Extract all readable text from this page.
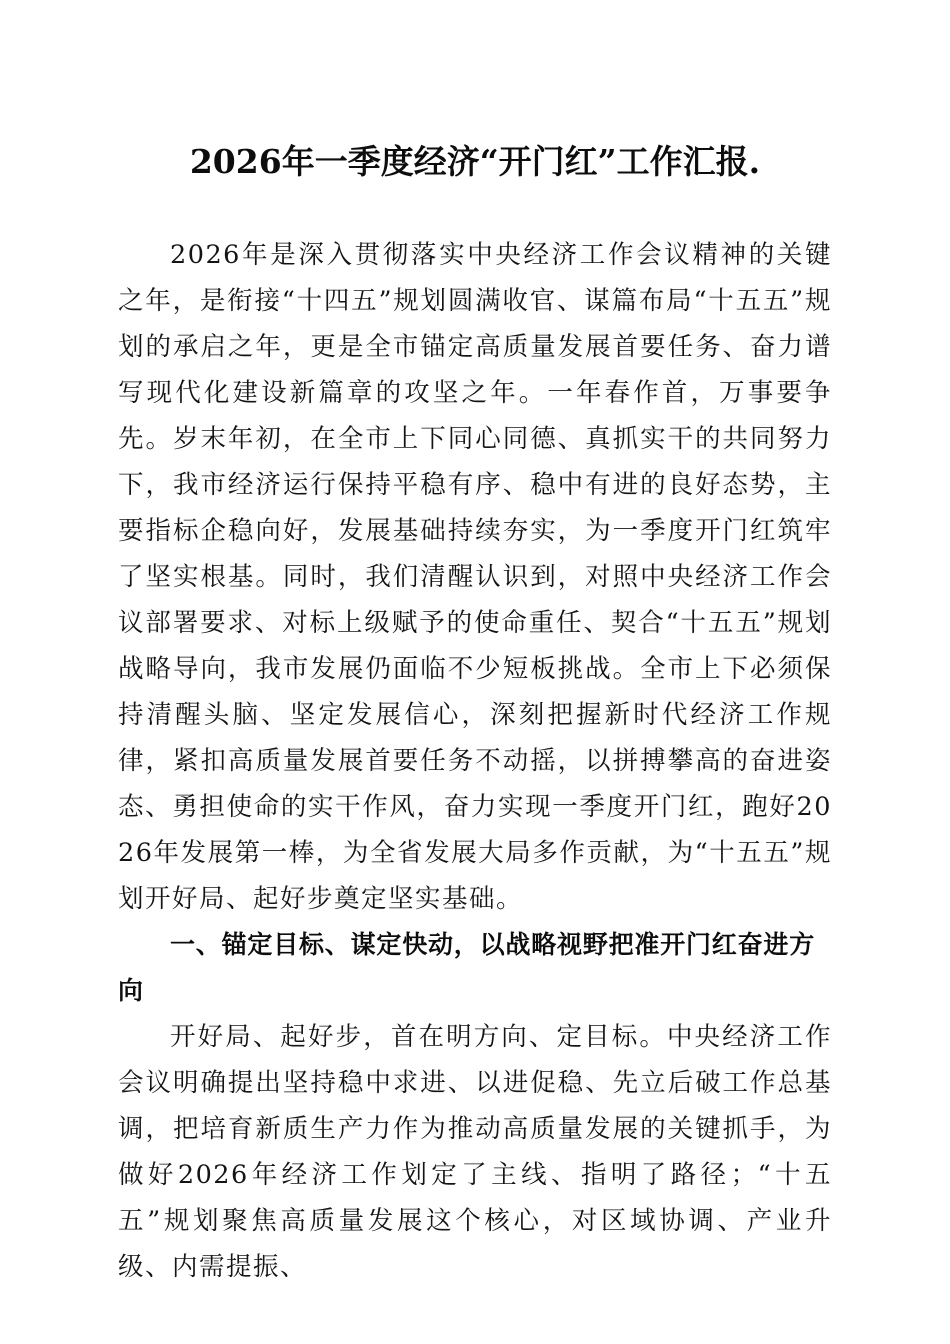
2026年一季度经济“开门红”工作汇报.

2026年是深入贯彻落实中央经济工作会议精神的关键之年，是衔接“十四五”规划圆满收官、谋篇布局“十五五”规划的承启之年，更是全市锚定高质量发展首要任务、奋力谱写现代化建设新篇章的攻坚之年。一年春作首，万事要争先。岁末年初，在全市上下同心同德、真抓实干的共同努力下，我市经济运行保持平稳有序、稳中有进的良好态势，主要指标企稳向好，发展基础持续夯实，为一季度开门红筑牢了坚实根基。同时，我们清醒认识到，对照中央经济工作会议部署要求、对标上级赋予的使命重任、契合“十五五”规划战略导向，我市发展仍面临不少短板挑战。全市上下必须保持清醒头脑、坚定发展信心，深刻把握新时代经济工作规律，紧扣高质量发展首要任务不动摇，以拼搏攀高的奋进姿态、勇担使命的实干作风，奋力实现一季度开门红，跑好2026年发展第一棒，为全省发展大局多作贡献，为“十五五”规划开好局、起好步奠定坚实基础。

一、锚定目标、谋定快动，以战略视野把准开门红奋进方向

开好局、起好步，首在明方向、定目标。中央经济工作会议明确提出坚持稳中求进、以进促稳、先立后破工作总基调，把培育新质生产力作为推动高质量发展的关键抓手，为做好2026年经济工作划定了主线、指明了路径；“十五五”规划聚焦高质量发展这个核心，对区域协调、产业升级、内需提振、
